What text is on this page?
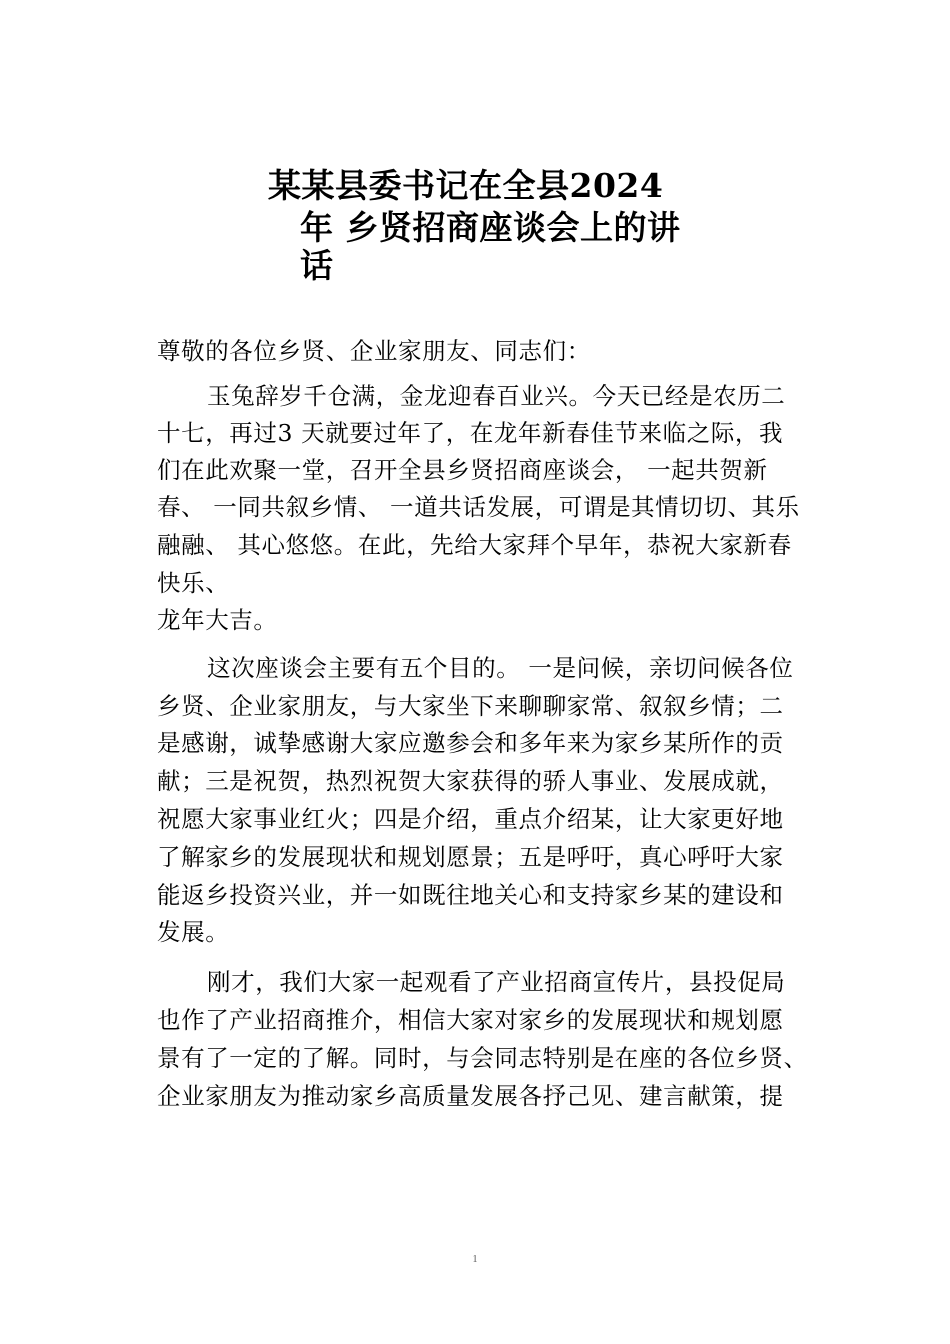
某某县委书记在全县2024
年 乡贤招商座谈会上的讲
话
尊敬的各位乡贤、企业家朋友、同志们：
玉兔辞岁千仓满，金龙迎春百业兴。今天已经是农历二
十七，再过3 天就要过年了，在龙年新春佳节来临之际，我
们在此欢聚一堂，召开全县乡贤招商座谈会， 一起共贺新
春、 一同共叙乡情、 一道共话发展，可谓是其情切切、其乐
融融、 其心悠悠。在此，先给大家拜个早年，恭祝大家新春
快乐、
龙年大吉。
这次座谈会主要有五个目的。 一是问候，亲切问候各位
乡贤、企业家朋友，与大家坐下来聊聊家常、叙叙乡情；二
是感谢，诚挚感谢大家应邀参会和多年来为家乡某所作的贡
献；三是祝贺，热烈祝贺大家获得的骄人事业、发展成就，
祝愿大家事业红火；四是介绍，重点介绍某，让大家更好地
了解家乡的发展现状和规划愿景；五是呼吁，真心呼吁大家
能返乡投资兴业，并一如既往地关心和支持家乡某的建设和
发展。
刚才，我们大家一起观看了产业招商宣传片，县投促局
也作了产业招商推介，相信大家对家乡的发展现状和规划愿
景有了一定的了解。同时，与会同志特别是在座的各位乡贤、
企业家朋友为推动家乡高质量发展各抒己见、建言献策，提
1
